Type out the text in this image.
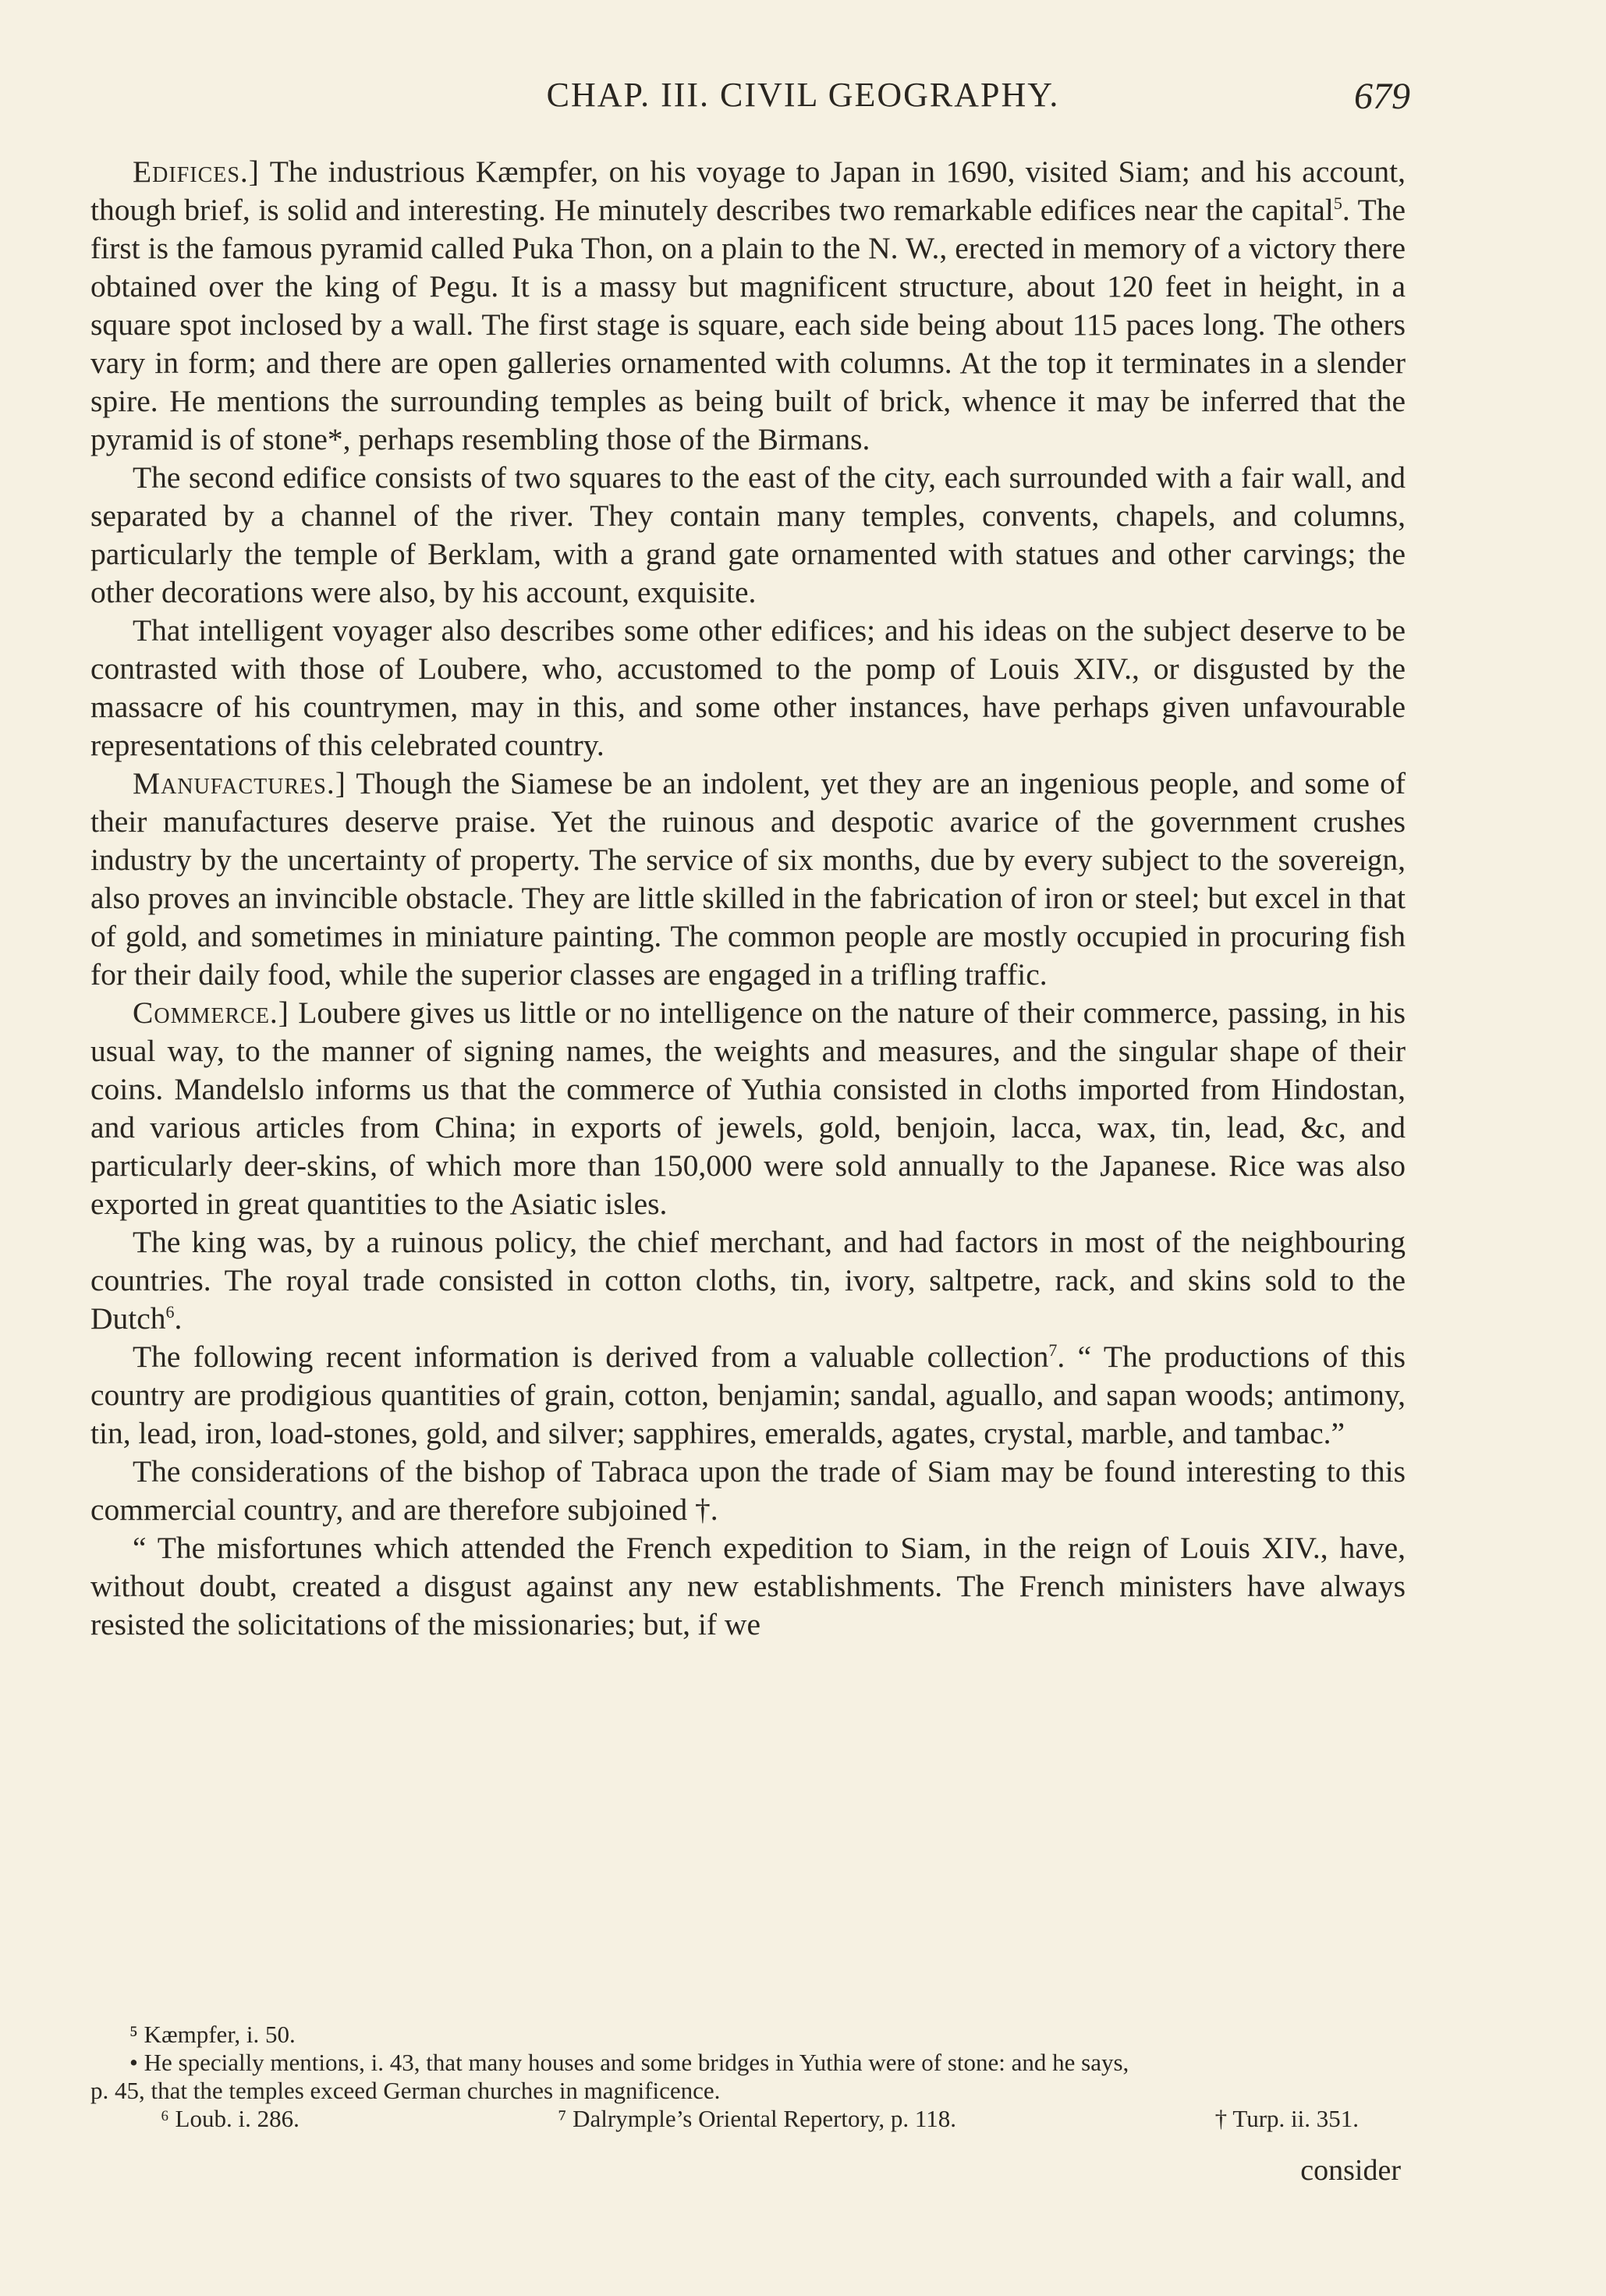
CHAP. III. CIVIL GEOGRAPHY.	679

Edifices.] The industrious Kæmpfer, on his voyage to Japan in 1690, visited Siam; and his account, though brief, is solid and interesting. He minutely describes two remarkable edifices near the capital$^5$. The first is the famous pyramid called Puka Thon, on a plain to the N. W., erected in memory of a victory there obtained over the king of Pegu. It is a massy but magnificent structure, about 120 feet in height, in a square spot inclosed by a wall. The first stage is square, each side being about 115 paces long. The others vary in form; and there are open galleries ornamented with columns. At the top it terminates in a slender spire. He mentions the surrounding temples as being built of brick, whence it may be inferred that the pyramid is of stone*, perhaps resembling those of the Birmans.

The second edifice consists of two squares to the east of the city, each surrounded with a fair wall, and separated by a channel of the river. They contain many temples, convents, chapels, and columns, particularly the temple of Berklam, with a grand gate ornamented with statues and other carvings; the other decorations were also, by his account, exquisite.

That intelligent voyager also describes some other edifices; and his ideas on the subject deserve to be contrasted with those of Loubere, who, accustomed to the pomp of Louis XIV., or disgusted by the massacre of his countrymen, may in this, and some other instances, have perhaps given unfavourable representations of this celebrated country.

Manufactures.] Though the Siamese be an indolent, yet they are an ingenious people, and some of their manufactures deserve praise. Yet the ruinous and despotic avarice of the government crushes industry by the uncertainty of property. The service of six months, due by every subject to the sovereign, also proves an invincible obstacle. They are little skilled in the fabrication of iron or steel; but excel in that of gold, and sometimes in miniature painting. The common people are mostly occupied in procuring fish for their daily food, while the superior classes are engaged in a trifling traffic.

Commerce.] Loubere gives us little or no intelligence on the nature of their commerce, passing, in his usual way, to the manner of signing names, the weights and measures, and the singular shape of their coins. Mandelslo informs us that the commerce of Yuthia consisted in cloths imported from Hindostan, and various articles from China; in exports of jewels, gold, benjoin, lacca, wax, tin, lead, &c, and particularly deer-skins, of which more than 150,000 were sold annually to the Japanese. Rice was also exported in great quantities to the Asiatic isles.

The king was, by a ruinous policy, the chief merchant, and had factors in most of the neighbouring countries. The royal trade consisted in cotton cloths, tin, ivory, saltpetre, rack, and skins sold to the Dutch$^6$.

The following recent information is derived from a valuable collection$^7$. “ The productions of this country are prodigious quantities of grain, cotton, benjamin; sandal, aguallo, and sapan woods; antimony, tin, lead, iron, load-stones, gold, and silver; sapphires, emeralds, agates, crystal, marble, and tambac.”

The considerations of the bishop of Tabraca upon the trade of Siam may be found interesting to this commercial country, and are therefore subjoined †.

“ The misfortunes which attended the French expedition to Siam, in the reign of Louis XIV., have, without doubt, created a disgust against any new establishments. The French ministers have always resisted the solicitations of the missionaries; but, if we

⁵ Kæmpfer, i. 50.
• He specially mentions, i. 43, that many houses and some bridges in Yuthia were of stone: and he says,
p. 45, that the temples exceed German churches in magnificence.
⁶ Loub. i. 286.	⁷ Dalrymple’s Oriental Repertory, p. 118.	† Turp. ii. 351.
consider
